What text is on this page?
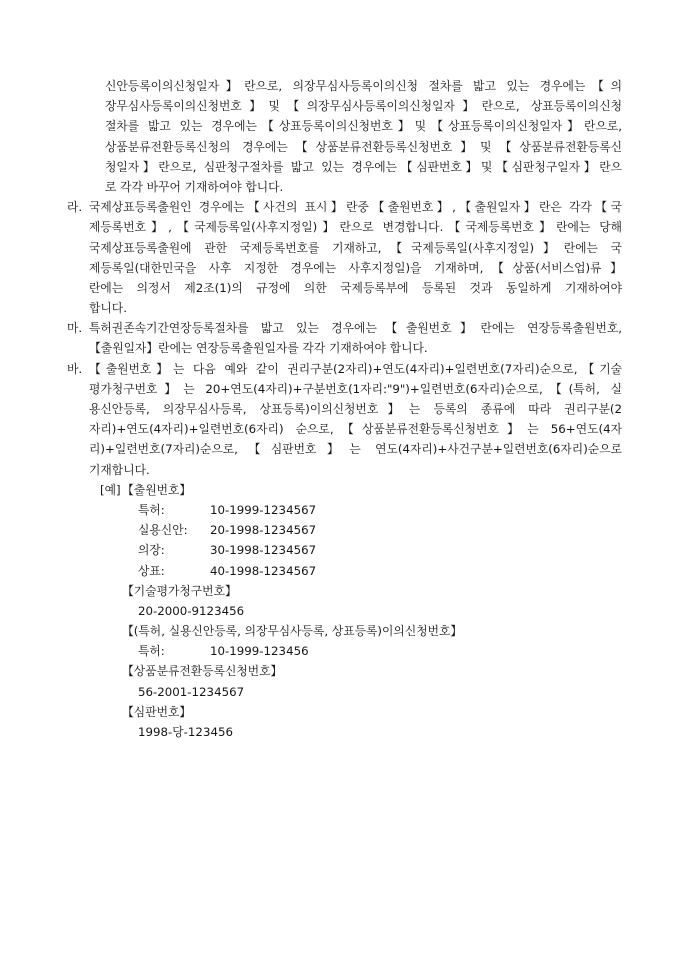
신안등록이의신청일자】란으로, 의장무심사등록이의신청 절차를 밟고 있는 경우에는【의
장무심사등록이의신청번호】및【의장무심사등록이의신청일자】란으로, 상표등록이의신청
절차를 밟고 있는 경우에는【상표등록이의신청번호】및【상표등록이의신청일자】란으로,
상품분류전환등록신청의 경우에는【상품분류전환등록신청번호】및【상품분류전환등록신
청일자】란으로, 심판청구절차를 밟고 있는 경우에는【심판번호】및【심판청구일자】란으
로 각각 바꾸어 기재하여야 합니다.
라. 국제상표등록출원인 경우에는【사건의 표시】란중【출원번호】,【출원일자】란은 각각【국
제등록번호】,【국제등록일(사후지정일)】란으로 변경합니다.【국제등록번호】란에는 당해
국제상표등록출원에 관한 국제등록번호를 기재하고,【국제등록일(사후지정일)】란에는 국
제등록일(대한민국을 사후 지정한 경우에는 사후지정일)을 기재하며,【상품(서비스업)류】
란에는 의정서 제2조(1)의 규정에 의한 국제등록부에 등록된 것과 동일하게 기재하여야
합니다.
마. 특허권존속기간연장등록절차를 밟고 있는 경우에는【출원번호】란에는 연장등록출원번호,
【출원일자】란에는 연장등록출원일자를 각각 기재하여야 합니다.
바. 【출원번호】는 다음 예와 같이 권리구분(2자리)+연도(4자리)+일련번호(7자리)순으로,【기술
평가청구번호】는 20+연도(4자리)+구분번호(1자리:"9")+일련번호(6자리)순으로,【(특허, 실
용신안등록, 의장무심사등록, 상표등록)이의신청번호】는 등록의 종류에 따라 권리구분(2
자리)+연도(4자리)+일련번호(6자리) 순으로,【상품분류전환등록신청번호】는 56+연도(4자
리)+일련번호(7자리)순으로,【심판번호】는 연도(4자리)+사건구분+일련번호(6자리)순으로
기재합니다.
[예] 【출원번호】
특허:	10-1999-1234567
실용신안:	20-1998-1234567
의장:	30-1998-1234567
상표:	40-1998-1234567
【기술평가청구번호】
20-2000-9123456
【(특허, 실용신안등록, 의장무심사등록, 상표등록)이의신청번호】
특허:	10-1999-123456
【상품분류전환등록신청번호】
56-2001-1234567
【심판번호】
1998-당-123456
